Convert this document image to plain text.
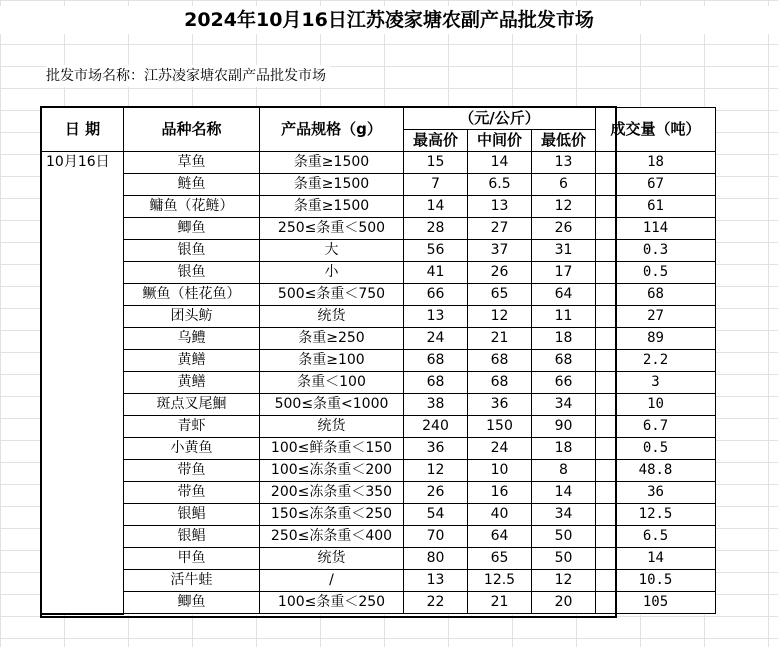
2024年10月16日江苏凌家塘农副产品批发市场
批发市场名称：江苏凌家塘农副产品批发市场
日 期	品种名称	产品规格（g）	（元/公斤）			成交量（吨）
			最高价	中间价	最低价	
10月16日	草鱼	条重≥1500	15	14	13	18
	鲢鱼	条重≥1500	7	6.5	6	67
	鳙鱼（花鲢）	条重≥1500	14	13	12	61
	鲫鱼	250≤条重＜500	28	27	26	114
	银鱼	大	56	37	31	0.3
	银鱼	小	41	26	17	0.5
	鳜鱼（桂花鱼）	500≤条重＜750	66	65	64	68
	团头鲂	统货	13	12	11	27
	乌鳢	条重≥250	24	21	18	89
	黄鳝	条重≥100	68	68	68	2.2
	黄鳝	条重＜100	68	68	66	3
	斑点叉尾鮰	500≤条重<1000	38	36	34	10
	青虾	统货	240	150	90	6.7
	小黄鱼	100≤鲜条重＜150	36	24	18	0.5
	带鱼	100≤冻条重＜200	12	10	8	48.8
	带鱼	200≤冻条重＜350	26	16	14	36
	银鲳	150≤冻条重＜250	54	40	34	12.5
	银鲳	250≤冻条重＜400	70	64	50	6.5
	甲鱼	统货	80	65	50	14
	活牛蛙	/	13	12.5	12	10.5
	鲫鱼	100≤条重＜250	22	21	20	105
